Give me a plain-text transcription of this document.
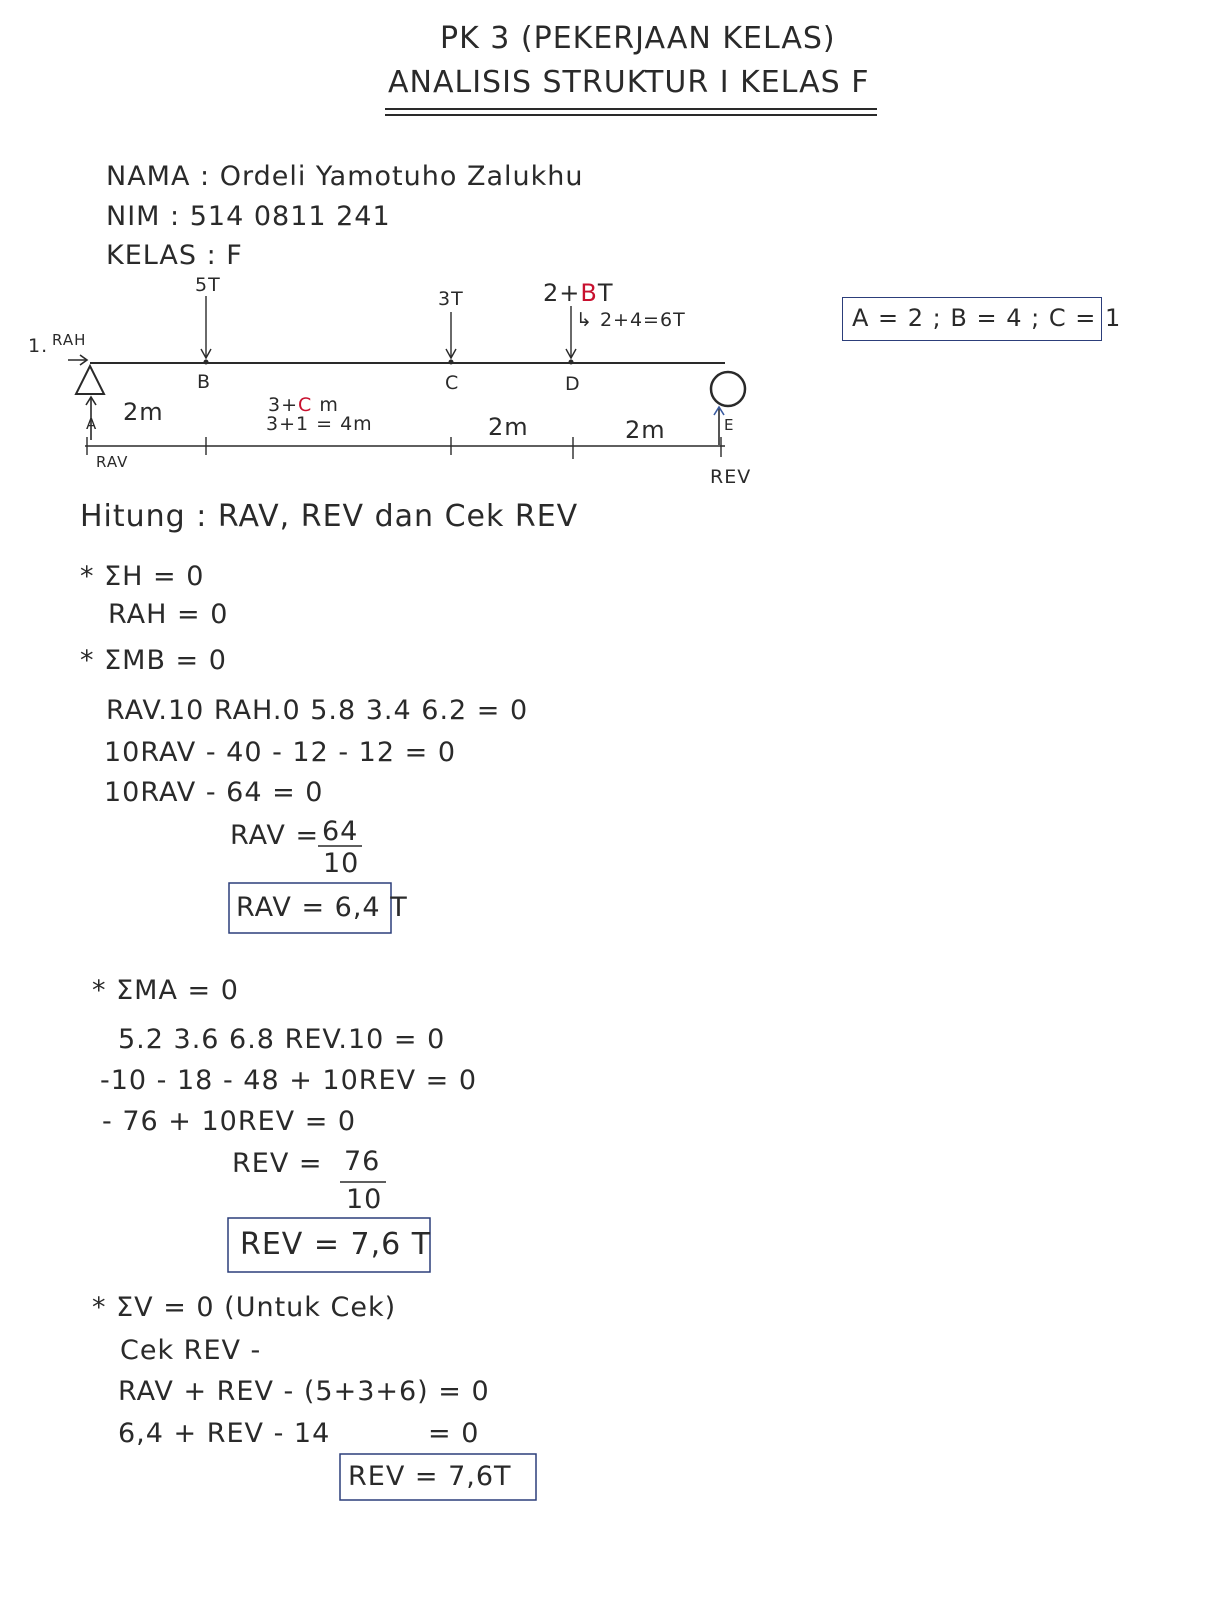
PK 3 (PEKERJAAN KELAS)
ANALISIS STRUKTUR I KELAS F
NAMA : Ordeli Yamotuho Zalukhu
NIM : 514 0811 241
KELAS : F
A = 2 ; B = 4 ; C = 1
1. RAH
5T
3T	2+BT
↳ 2+4=6T
B	C	D
A	E
2m	3+C m
3+1 = 4m	2m	2m
RAV
REV
Hitung : RAV, REV dan Cek REV
* ΣH = 0
RAH = 0
* ΣMB = 0
RAV.10 RAH.0 5.8 3.4 6.2 = 0
10RAV - 40 - 12 - 12 = 0
10RAV - 64 = 0
RAV = 64
10
RAV = 6,4 T
* ΣMA = 0
5.2 3.6 6.8 REV.10 = 0
-10 - 18 - 48 + 10REV = 0
- 76 + 10REV = 0
REV = 76
10
REV = 7,6 T
* ΣV = 0 (Untuk Cek)
Cek REV -
RAV + REV - (5+3+6) = 0
6,4 + REV - 14	= 0
REV = 7,6T
